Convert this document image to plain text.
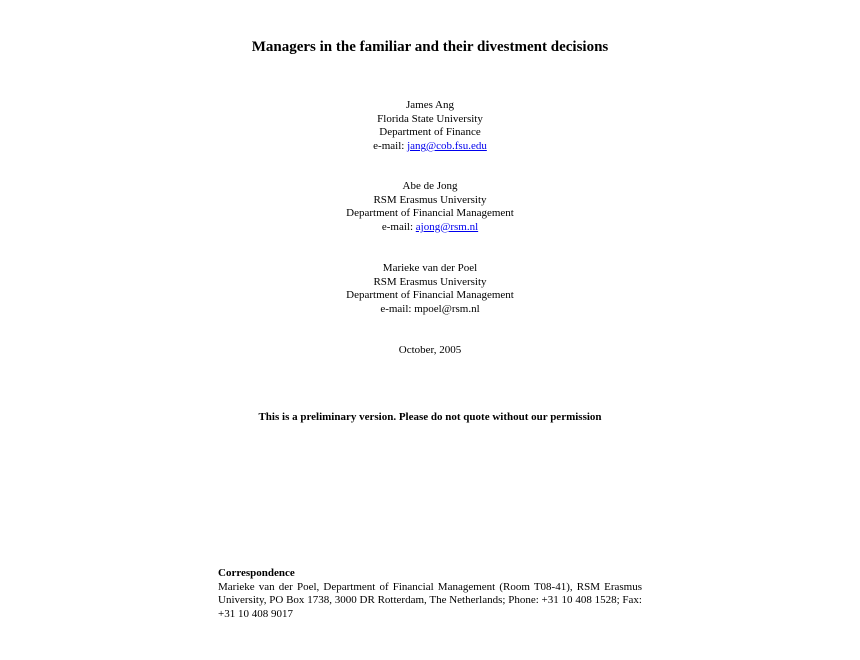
Managers in the familiar and their divestment decisions
James Ang
Florida State University
Department of Finance
e-mail: jang@cob.fsu.edu
Abe de Jong
RSM Erasmus University
Department of Financial Management
e-mail: ajong@rsm.nl
Marieke van der Poel
RSM Erasmus University
Department of Financial Management
e-mail: mpoel@rsm.nl
October, 2005
This is a preliminary version. Please do not quote without our permission
Correspondence
Marieke van der Poel, Department of Financial Management (Room T08-41), RSM Erasmus University, PO Box 1738, 3000 DR Rotterdam, The Netherlands; Phone: +31 10 408 1528; Fax: +31 10 408 9017
